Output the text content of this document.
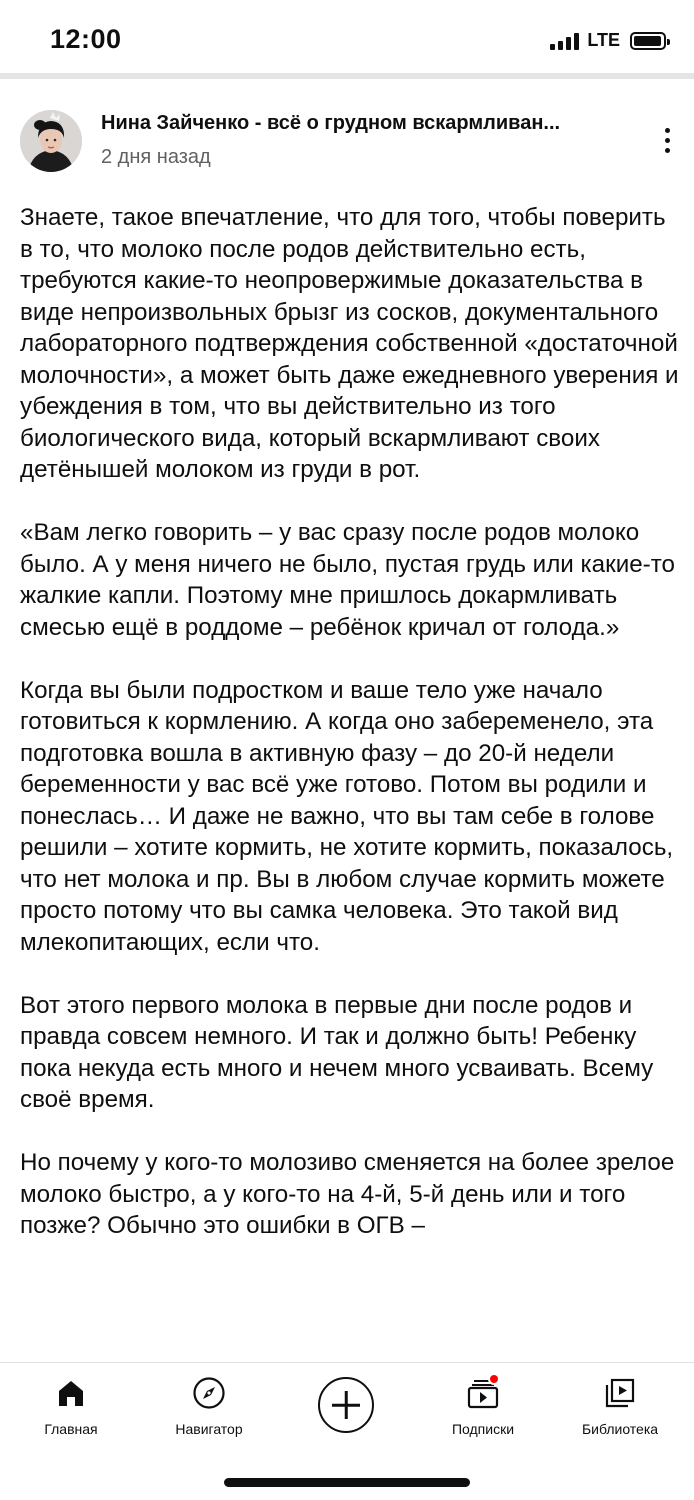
12:00	LTE
Нина Зайченко - всё о грудном вскармливан...
2 дня назад

Знаете, такое впечатление, что для того, чтобы поверить в то, что молоко после родов действительно есть, требуются какие-то неопровержимые доказательства в виде непроизвольных брызг из сосков, документального лабораторного подтверждения собственной «достаточной молочности», а может быть даже ежедневного уверения и убеждения в том, что вы действительно из того биологического вида, который вскармливают своих детёнышей молоком из груди в рот.

«Вам легко говорить – у вас сразу после родов молоко было. А у меня ничего не было, пустая грудь или какие-то жалкие капли. Поэтому мне пришлось докармливать смесью ещё в роддоме – ребёнок кричал от голода.»

Когда вы были подростком и ваше тело уже начало готовиться к кормлению. А когда оно забеременело, эта подготовка вошла в активную фазу – до 20-й недели беременности у вас всё уже готово. Потом вы родили и понеслась… И даже не важно, что вы там себе в голове решили – хотите кормить, не хотите кормить, показалось, что нет молока и пр. Вы в любом случае кормить можете просто потому что вы самка человека. Это такой вид млекопитающих, если что.

Вот этого первого молока в первые дни после родов и правда совсем немного. И так и должно быть! Ребенку пока некуда есть много и нечем много усваивать. Всему своё время.

Но почему у кого-то молозиво сменяется на более зрелое молоко быстро, а у кого-то на 4-й, 5-й день или и того позже? Обычно это ошибки в ОГВ –

Главная	Навигатор	Подписки	Библиотека
